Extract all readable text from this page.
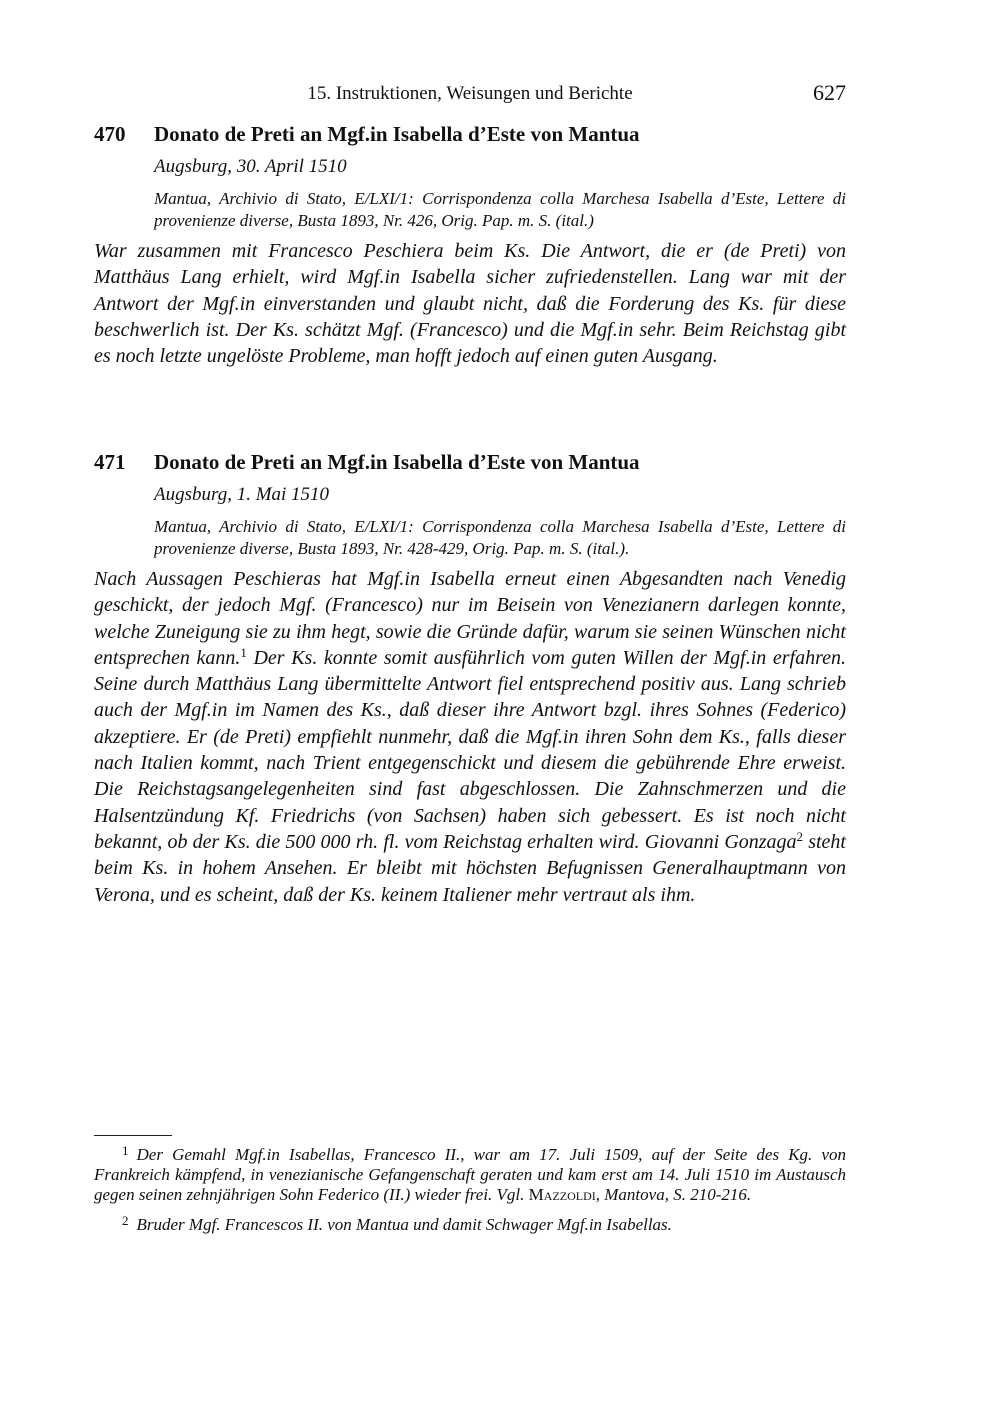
15. Instruktionen, Weisungen und Berichte	627
470 Donato de Preti an Mgf.in Isabella d’Este von Mantua
Augsburg, 30. April 1510
Mantua, Archivio di Stato, E/LXI/1: Corrispondenza colla Marchesa Isabella d’Este, Lettere di provenienze diverse, Busta 1893, Nr. 426, Orig. Pap. m. S. (ital.)
War zusammen mit Francesco Peschiera beim Ks. Die Antwort, die er (de Preti) von Matthäus Lang erhielt, wird Mgf.in Isabella sicher zufriedenstellen. Lang war mit der Antwort der Mgf.in einverstanden und glaubt nicht, daß die Forderung des Ks. für diese beschwerlich ist. Der Ks. schätzt Mgf. (Francesco) und die Mgf.in sehr. Beim Reichstag gibt es noch letzte ungelöste Probleme, man hofft jedoch auf einen guten Ausgang.
471 Donato de Preti an Mgf.in Isabella d’Este von Mantua
Augsburg, 1. Mai 1510
Mantua, Archivio di Stato, E/LXI/1: Corrispondenza colla Marchesa Isabella d’Este, Lettere di provenienze diverse, Busta 1893, Nr. 428-429, Orig. Pap. m. S. (ital.).
Nach Aussagen Peschieras hat Mgf.in Isabella erneut einen Abgesandten nach Venedig geschickt, der jedoch Mgf. (Francesco) nur im Beisein von Venezianern darlegen konnte, welche Zuneigung sie zu ihm hegt, sowie die Gründe dafür, warum sie seinen Wünschen nicht entsprechen kann.$^1$ Der Ks. konnte somit ausführlich vom guten Willen der Mgf.in erfahren. Seine durch Matthäus Lang übermittelte Antwort fiel entsprechend positiv aus. Lang schrieb auch der Mgf.in im Namen des Ks., daß dieser ihre Antwort bzgl. ihres Sohnes (Federico) akzeptiere. Er (de Preti) empfiehlt nunmehr, daß die Mgf.in ihren Sohn dem Ks., falls dieser nach Italien kommt, nach Trient entgegenschickt und diesem die gebührende Ehre erweist. Die Reichstagsangelegenheiten sind fast abgeschlossen. Die Zahnschmerzen und die Halsentzündung Kf. Friedrichs (von Sachsen) haben sich gebessert. Es ist noch nicht bekannt, ob der Ks. die 500 000 rh. fl. vom Reichstag erhalten wird. Giovanni Gonzaga$^2$ steht beim Ks. in hohem Ansehen. Er bleibt mit höchsten Befugnissen Generalhauptmann von Verona, und es scheint, daß der Ks. keinem Italiener mehr vertraut als ihm.
$^1$ Der Gemahl Mgf.in Isabellas, Francesco II., war am 17. Juli 1509, auf der Seite des Kg. von Frankreich kämpfend, in venezianische Gefangenschaft geraten und kam erst am 14. Juli 1510 im Austausch gegen seinen zehnjährigen Sohn Federico (II.) wieder frei. Vgl. Mazzoldi, Mantova, S. 210-216.
$^2$ Bruder Mgf. Francescos II. von Mantua und damit Schwager Mgf.in Isabellas.
